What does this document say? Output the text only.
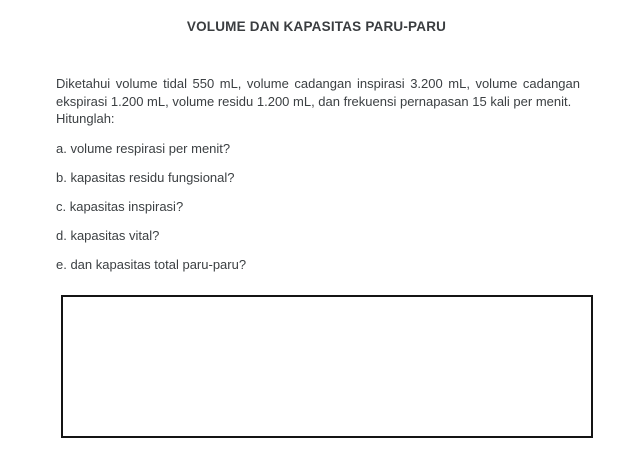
VOLUME DAN KAPASITAS PARU-PARU

Diketahui volume tidal 550 mL, volume cadangan inspirasi 3.200 mL, volume cadangan ekspirasi 1.200 mL, volume residu 1.200 mL, dan frekuensi pernapasan 15 kali per menit.

Hitunglah:

a. volume respirasi per menit?
b. kapasitas residu fungsional?
c. kapasitas inspirasi?
d. kapasitas vital?
e. dan kapasitas total paru-paru?
